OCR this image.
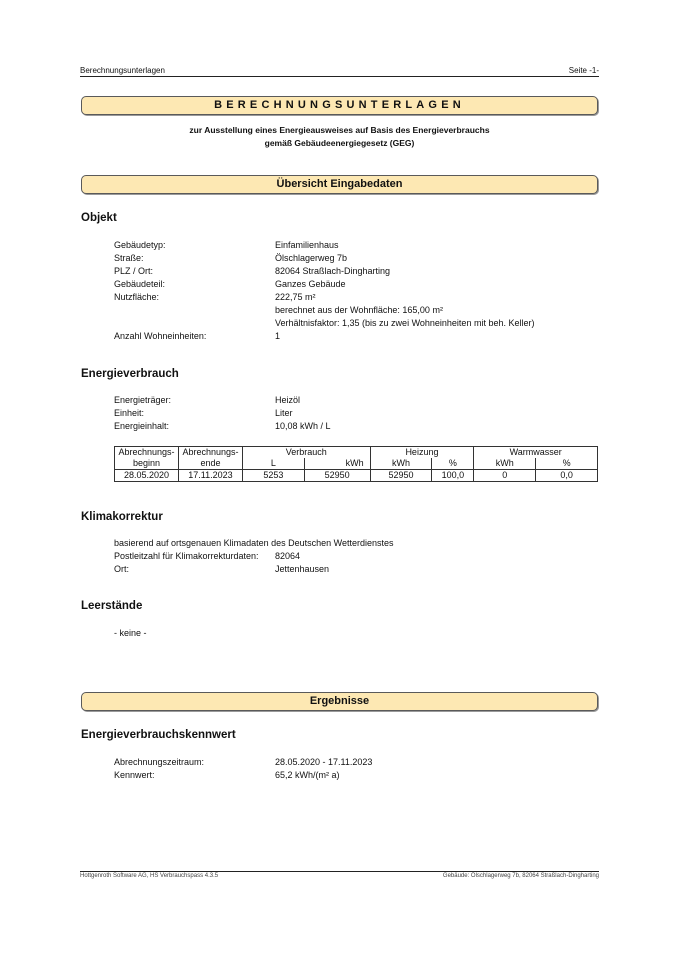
Berechnungsunterlagen	Seite -1-
BERECHNUNGSUNTERLAGEN
zur Ausstellung eines Energieausweises auf Basis des Energieverbrauchs
gemäß Gebäudeenergiegesetz (GEG)
Übersicht Eingabedaten
Objekt
Gebäudetyp:	Einfamilienhaus
Straße:	Ölschlagerweg 7b
PLZ / Ort:	82064 Straßlach-Dingharting
Gebäudeteil:	Ganzes Gebäude
Nutzfläche:	222,75 m²
berechnet aus der Wohnfläche: 165,00 m²
Verhältnisfaktor: 1,35 (bis zu zwei Wohneinheiten mit beh. Keller)
Anzahl Wohneinheiten:	1
Energieverbrauch
Energieträger:	Heizöl
Einheit:	Liter
Energieinhalt:	10,08 kWh / L
Abrechnungs-	Abrechnungs-	Verbrauch		Heizung		Warmwasser	
beginn	ende	L	kWh	kWh	%	kWh	%
28.05.2020	17.11.2023	5253	52950	52950	100,0	0	0,0
Klimakorrektur
basierend auf ortsgenauen Klimadaten des Deutschen Wetterdienstes
Postleitzahl für Klimakorrekturdaten:	82064
Ort:	Jettenhausen
Leerstände
- keine -
Ergebnisse
Energieverbrauchskennwert
Abrechnungszeitraum:	28.05.2020 - 17.11.2023
Kennwert:	65,2 kWh/(m² a)
Hottgenroth Software AG, HS Verbrauchspass 4.3.5	Gebäude: Ölschlagerweg 7b, 82064 Straßlach-Dingharting
